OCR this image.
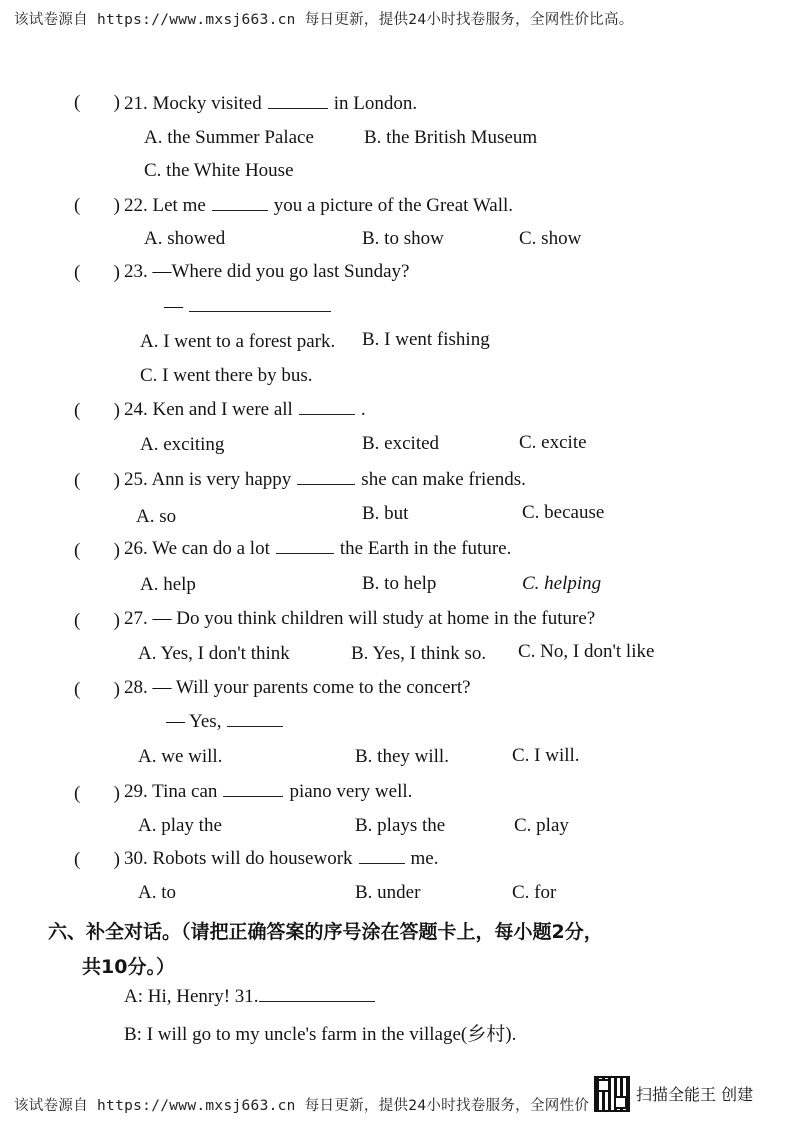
该试卷源自 https://www.mxsj663.cn 每日更新，提供24小时找卷服务，全网性价比高。
(       ) 21. Mocky visited	in London.
A. the Summer Palace	B. the British Museum
C. the White House
(       ) 22. Let me	you a picture of the Great Wall.
A. showed	B. to show	C. show
(       ) 23. —Where did you go last Sunday?
—
A. I went to a forest park. B. I went fishing
C. I went there by bus.
(       ) 24. Ken and I were all	.
A. exciting	B. excited	C. excite
(       ) 25. Ann is very happy	she can make friends.
A. so	B. but	C. because
(       ) 26. We can do a lot	the Earth in the future.
A. help	B. to help	C. helping
(       ) 27. — Do you think children will study at home in the future?
A. Yes, I don't think	B. Yes, I think so. C. No, I don't like
(       ) 28. — Will your parents come to the concert?
— Yes,
A. we will.	B. they will.	C. I will.
(       ) 29. Tina can	piano very well.
A. play the	B. plays the	C. play
(       ) 30. Robots will do housework	me.
A. to	B. under	C. for
六、补全对话。（请把正确答案的序号涂在答题卡上，每小题2分，
共10分。）
A: Hi, Henry! 31.
B: I will go to my uncle's farm in the village(乡村).
该试卷源自 https://www.mxsj663.cn 每日更新，提供24小时找卷服务，全网性价
扫描全能王 创建
